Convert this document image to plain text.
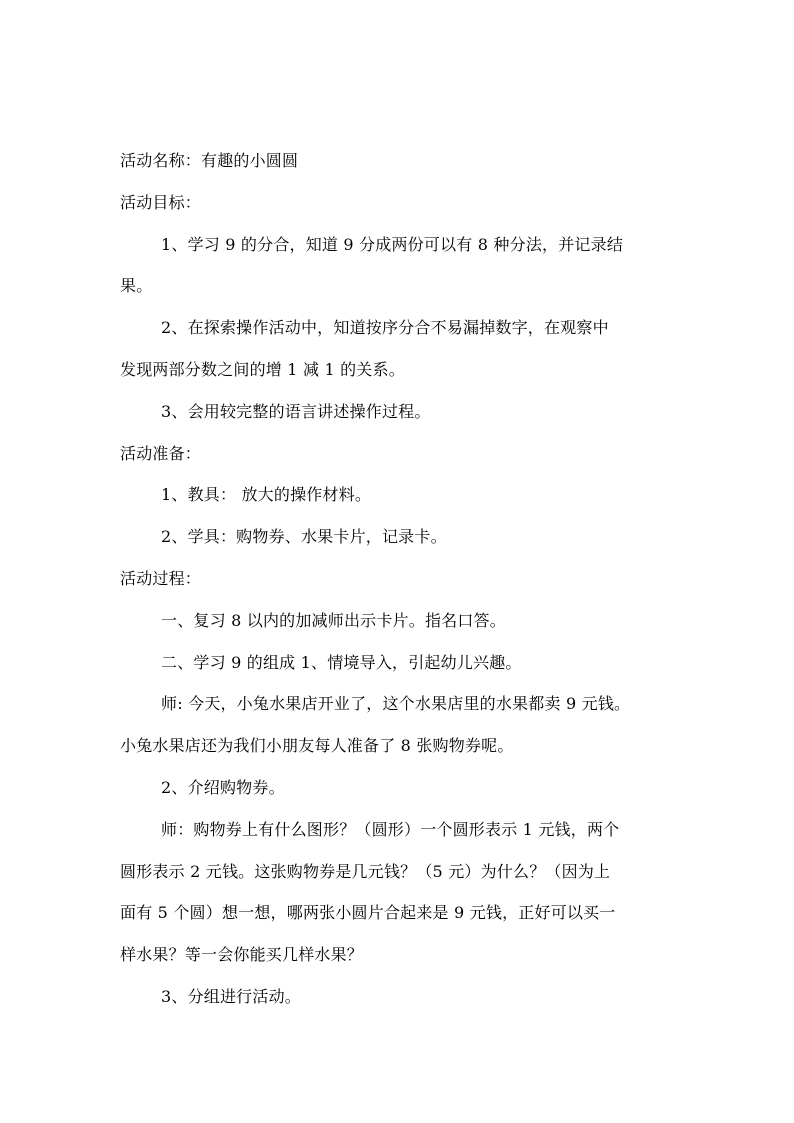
活动名称：有趣的小圆圆
活动目标：
1、学习 9 的分合，知道 9 分成两份可以有 8 种分法，并记录结
果。
2、在探索操作活动中，知道按序分合不易漏掉数字，在观察中
发现两部分数之间的增 1 减 1 的关系。
3、会用较完整的语言讲述操作过程。
活动准备：
1、教具： 放大的操作材料。
2、学具：购物券、水果卡片，记录卡。
活动过程：
一、复习 8 以内的加减师出示卡片。指名口答。
二、学习 9 的组成 1、情境导入，引起幼儿兴趣。
师: 今天，小兔水果店开业了，这个水果店里的水果都卖 9 元钱。
小兔水果店还为我们小朋友每人准备了 8 张购物券呢。
2、介绍购物券。
师：购物券上有什么图形？（圆形）一个圆形表示 1 元钱，两个
圆形表示 2 元钱。这张购物券是几元钱？（5 元）为什么？（因为上
面有 5 个圆）想一想，哪两张小圆片合起来是 9 元钱，正好可以买一
样水果？等一会你能买几样水果？
3、分组进行活动。
